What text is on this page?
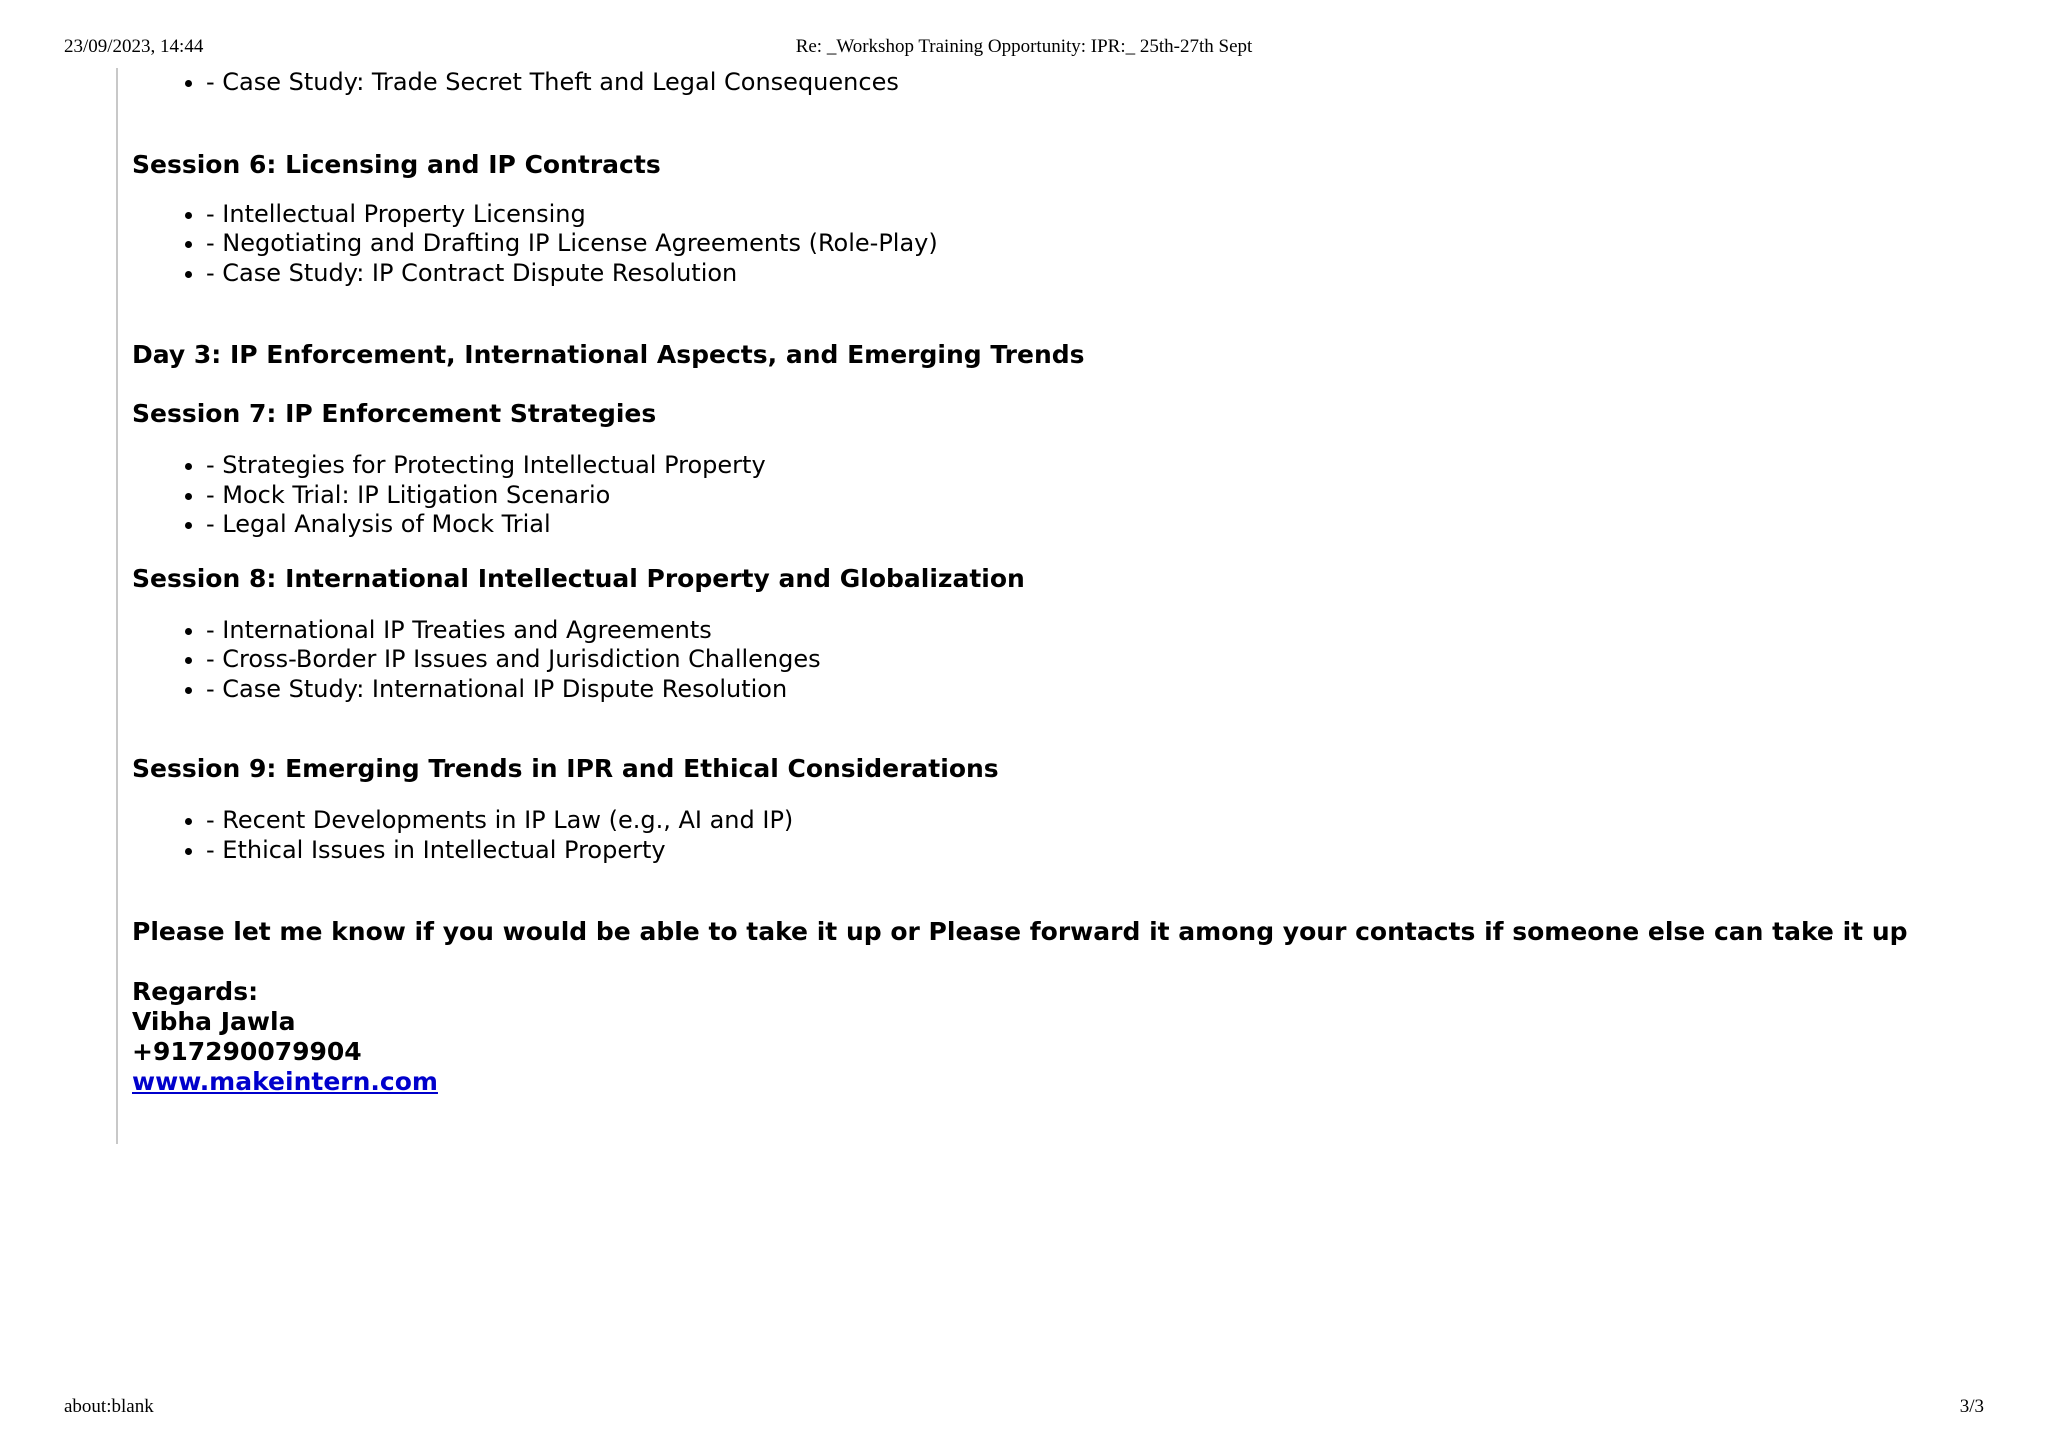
23/09/2023, 14:44	Re: _Workshop Training Opportunity: IPR:_ 25th-27th Sept
• - Case Study: Trade Secret Theft and Legal Consequences
Session 6: Licensing and IP Contracts
• - Intellectual Property Licensing
• - Negotiating and Drafting IP License Agreements (Role-Play)
• - Case Study: IP Contract Dispute Resolution
Day 3: IP Enforcement, International Aspects, and Emerging Trends
Session 7: IP Enforcement Strategies
• - Strategies for Protecting Intellectual Property
• - Mock Trial: IP Litigation Scenario
• - Legal Analysis of Mock Trial
Session 8: International Intellectual Property and Globalization
• - International IP Treaties and Agreements
• - Cross-Border IP Issues and Jurisdiction Challenges
• - Case Study: International IP Dispute Resolution
Session 9: Emerging Trends in IPR and Ethical Considerations
• - Recent Developments in IP Law (e.g., AI and IP)
• - Ethical Issues in Intellectual Property
Please let me know if you would be able to take it up or Please forward it among your contacts if someone else can take it up
Regards:
Vibha Jawla
+917290079904
www.makeintern.com
about:blank	3/3
